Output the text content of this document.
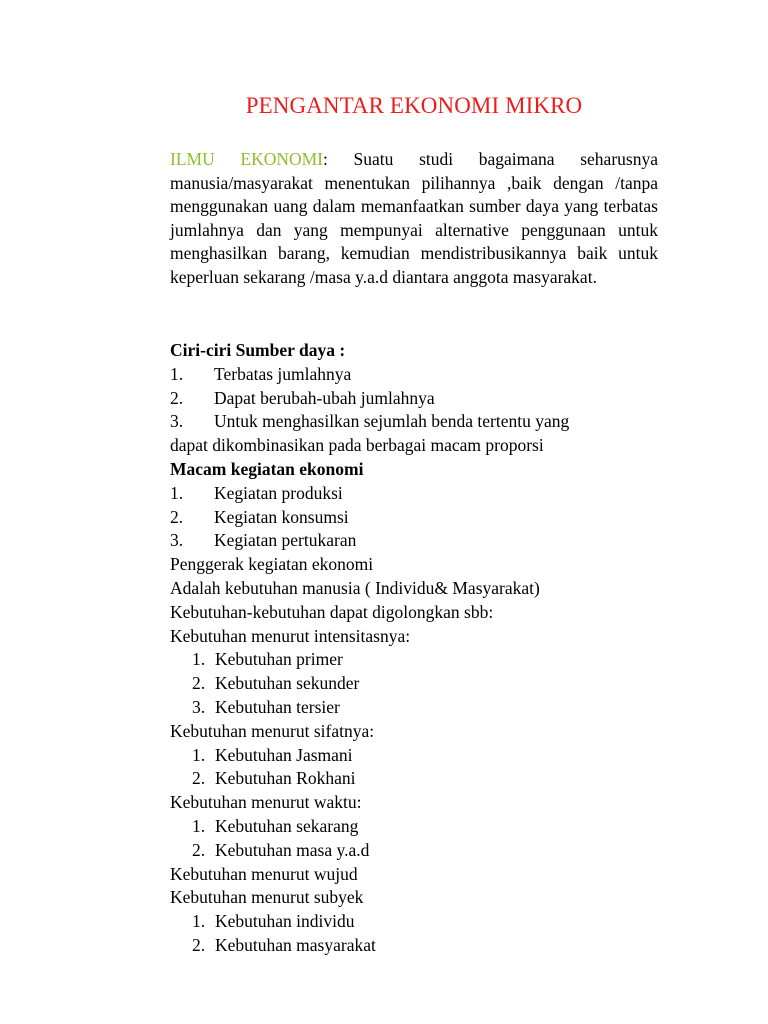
PENGANTAR EKONOMI MIKRO
ILMU EKONOMI: Suatu studi bagaimana seharusnya manusia/masyarakat menentukan pilihannya ,baik dengan /tanpa menggunakan uang dalam memanfaatkan sumber daya yang terbatas jumlahnya dan yang mempunyai alternative penggunaan untuk menghasilkan barang, kemudian mendistribusikannya baik untuk keperluan sekarang /masa y.a.d diantara anggota masyarakat.
Ciri-ciri Sumber daya :
1. Terbatas jumlahnya
2. Dapat berubah-ubah jumlahnya
3. Untuk menghasilkan sejumlah benda tertentu yang
dapat dikombinasikan pada berbagai macam proporsi
Macam kegiatan ekonomi
1. Kegiatan produksi
2. Kegiatan konsumsi
3. Kegiatan pertukaran
Penggerak kegiatan ekonomi
Adalah kebutuhan manusia ( Individu& Masyarakat)
Kebutuhan-kebutuhan dapat digolongkan sbb:
Kebutuhan menurut intensitasnya:
1. Kebutuhan primer
2. Kebutuhan sekunder
3. Kebutuhan tersier
Kebutuhan menurut sifatnya:
1. Kebutuhan Jasmani
2. Kebutuhan Rokhani
Kebutuhan menurut waktu:
1. Kebutuhan sekarang
2. Kebutuhan masa y.a.d
Kebutuhan menurut wujud
Kebutuhan menurut subyek
1. Kebutuhan individu
2. Kebutuhan masyarakat
